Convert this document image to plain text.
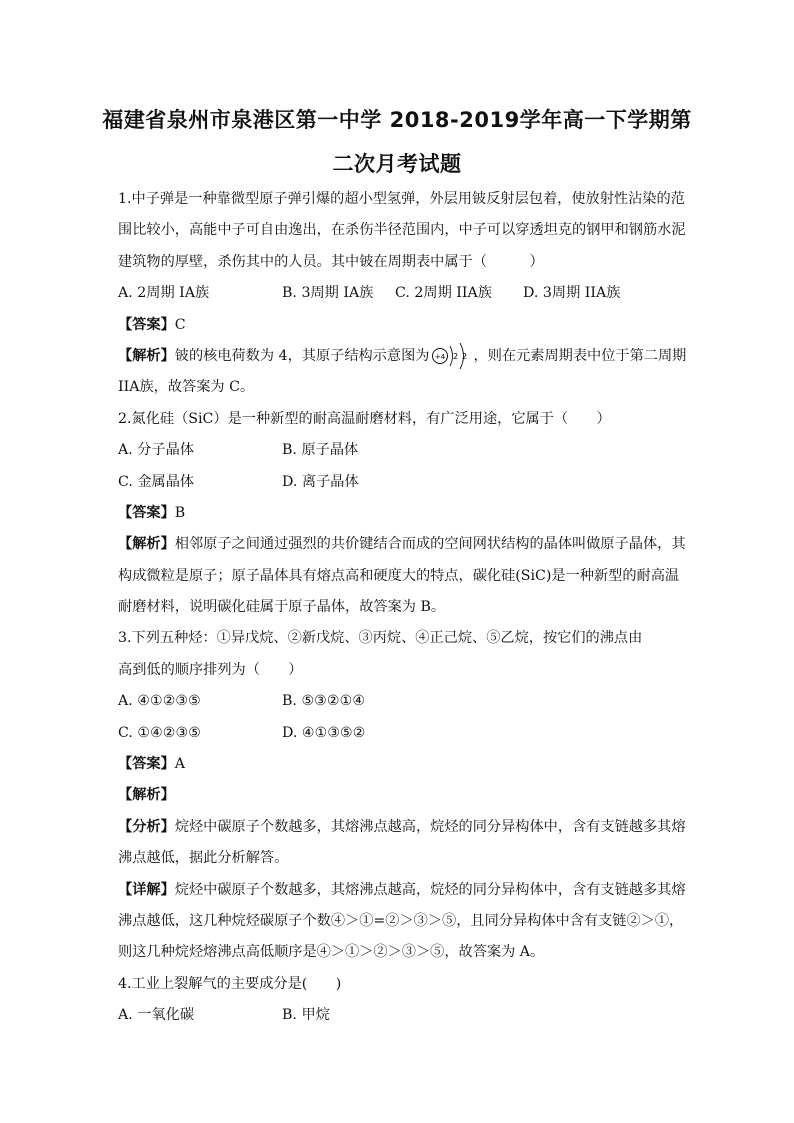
福建省泉州市泉港区第一中学 2018-2019学年高一下学期第
二次月考试题
1.中子弹是一种靠微型原子弹引爆的超小型氢弹，外层用铍反射层包着，使放射性沾染的范
围比较小，高能中子可自由逸出，在杀伤半径范围内，中子可以穿透坦克的钢甲和钢筋水泥
建筑物的厚壁，杀伤其中的人员。其中铍在周期表中属于（　　　）
A. 2周期 IA族	B. 3周期 IA族	C. 2周期 IIA族	D. 3周期 IIA族
【答案】C
【解析】铍的核电荷数为 4，其原子结构示意图为 +4 2 2 ，则在元素周期表中位于第二周期
IIA族，故答案为 C。
2.氮化硅（SiC）是一种新型的耐高温耐磨材料，有广泛用途，它属于（　　）
A. 分子晶体	B. 原子晶体
C. 金属晶体	D. 离子晶体
【答案】B
【解析】相邻原子之间通过强烈的共价键结合而成的空间网状结构的晶体叫做原子晶体，其
构成微粒是原子；原子晶体具有熔点高和硬度大的特点，碳化硅(SiC)是一种新型的耐高温
耐磨材料，说明碳化硅属于原子晶体，故答案为 B。
3.下列五种烃：①异戊烷、②新戊烷、③丙烷、④正己烷、⑤乙烷，按它们的沸点由
高到低的顺序排列为（　　）
A. ④①②③⑤	B. ⑤③②①④
C. ①④②③⑤	D. ④①③⑤②
【答案】A
【解析】
【分析】烷烃中碳原子个数越多，其熔沸点越高，烷烃的同分异构体中，含有支链越多其熔
沸点越低，据此分析解答。
【详解】烷烃中碳原子个数越多，其熔沸点越高，烷烃的同分异构体中，含有支链越多其熔
沸点越低，这几种烷烃碳原子个数④＞①=②＞③＞⑤，且同分异构体中含有支链②＞①，
则这几种烷烃熔沸点高低顺序是④＞①＞②＞③＞⑤，故答案为 A。
4.工业上裂解气的主要成分是(　　)
A. 一氧化碳	B. 甲烷
